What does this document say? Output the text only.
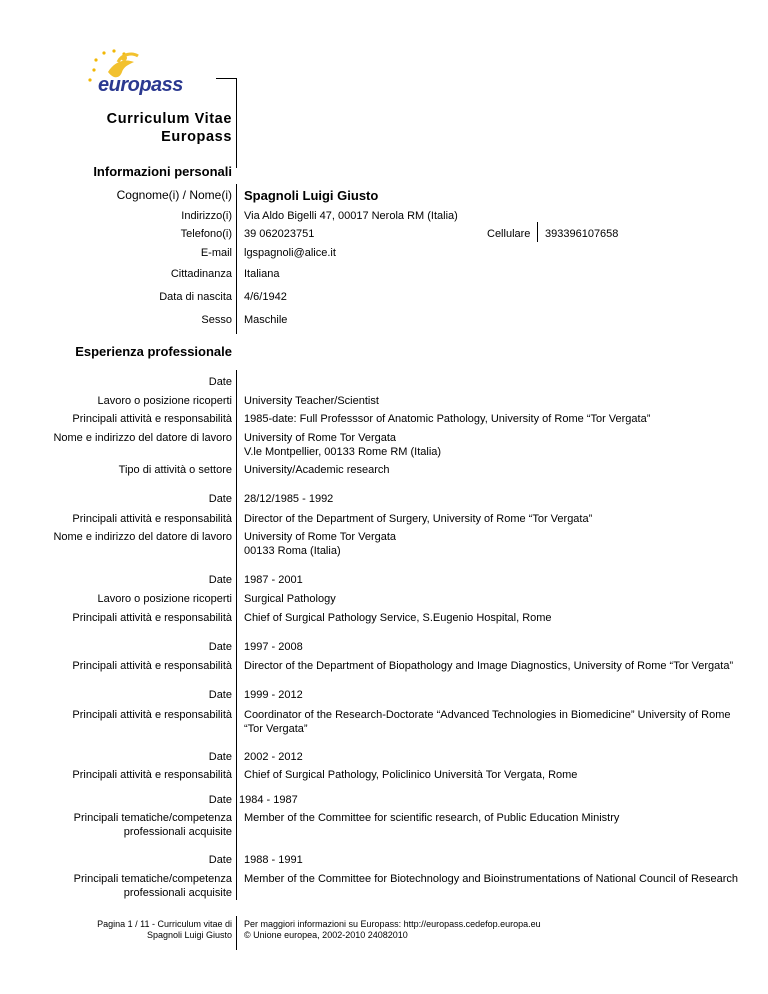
europass
Curriculum Vitae
Europass
Informazioni personali
Cognome(i) / Nome(i) Spagnoli Luigi Giusto
Indirizzo(i) Via Aldo Bigelli 47, 00017 Nerola RM (Italia)
Telefono(i) 39 062023751	Cellulare 393396107658
E-mail lgspagnoli@alice.it
Cittadinanza Italiana
Data di nascita 4/6/1942
Sesso Maschile
Esperienza professionale
Date
Lavoro o posizione ricoperti University Teacher/Scientist
Principali attività e responsabilità 1985-date: Full Professsor of Anatomic Pathology, University of Rome “Tor Vergata”
Nome e indirizzo del datore di lavoro University of Rome Tor Vergata
V.le Montpellier, 00133 Rome RM (Italia)
Tipo di attività o settore University/Academic research
Date 28/12/1985 - 1992
Principali attività e responsabilità Director of the Department of Surgery, University of Rome “Tor Vergata”
Nome e indirizzo del datore di lavoro University of Rome Tor Vergata
00133 Roma (Italia)
Date 1987 - 2001
Lavoro o posizione ricoperti Surgical Pathology
Principali attività e responsabilità Chief of Surgical Pathology Service, S.Eugenio Hospital, Rome
Date 1997 - 2008
Principali attività e responsabilità Director of the Department of Biopathology and Image Diagnostics, University of Rome “Tor Vergata”
Date 1999 - 2012
Principali attività e responsabilità Coordinator of the Research-Doctorate “Advanced Technologies in Biomedicine” University of Rome
“Tor Vergata”
Date 2002 - 2012
Principali attività e responsabilità Chief of Surgical Pathology, Policlinico Università Tor Vergata, Rome
Date 1984 - 1987
Principali tematiche/competenza
professionali acquisite
Member of the Committee for scientific research, of Public Education Ministry
Date 1988 - 1991
Principali tematiche/competenza
professionali acquisite
Member of the Committee for Biotechnology and Bioinstrumentations of National Council of Research
Pagina 1 / 11 - Curriculum vitae di
Spagnoli Luigi Giusto
Per maggiori informazioni su Europass: http://europass.cedefop.europa.eu
© Unione europea, 2002-2010 24082010
